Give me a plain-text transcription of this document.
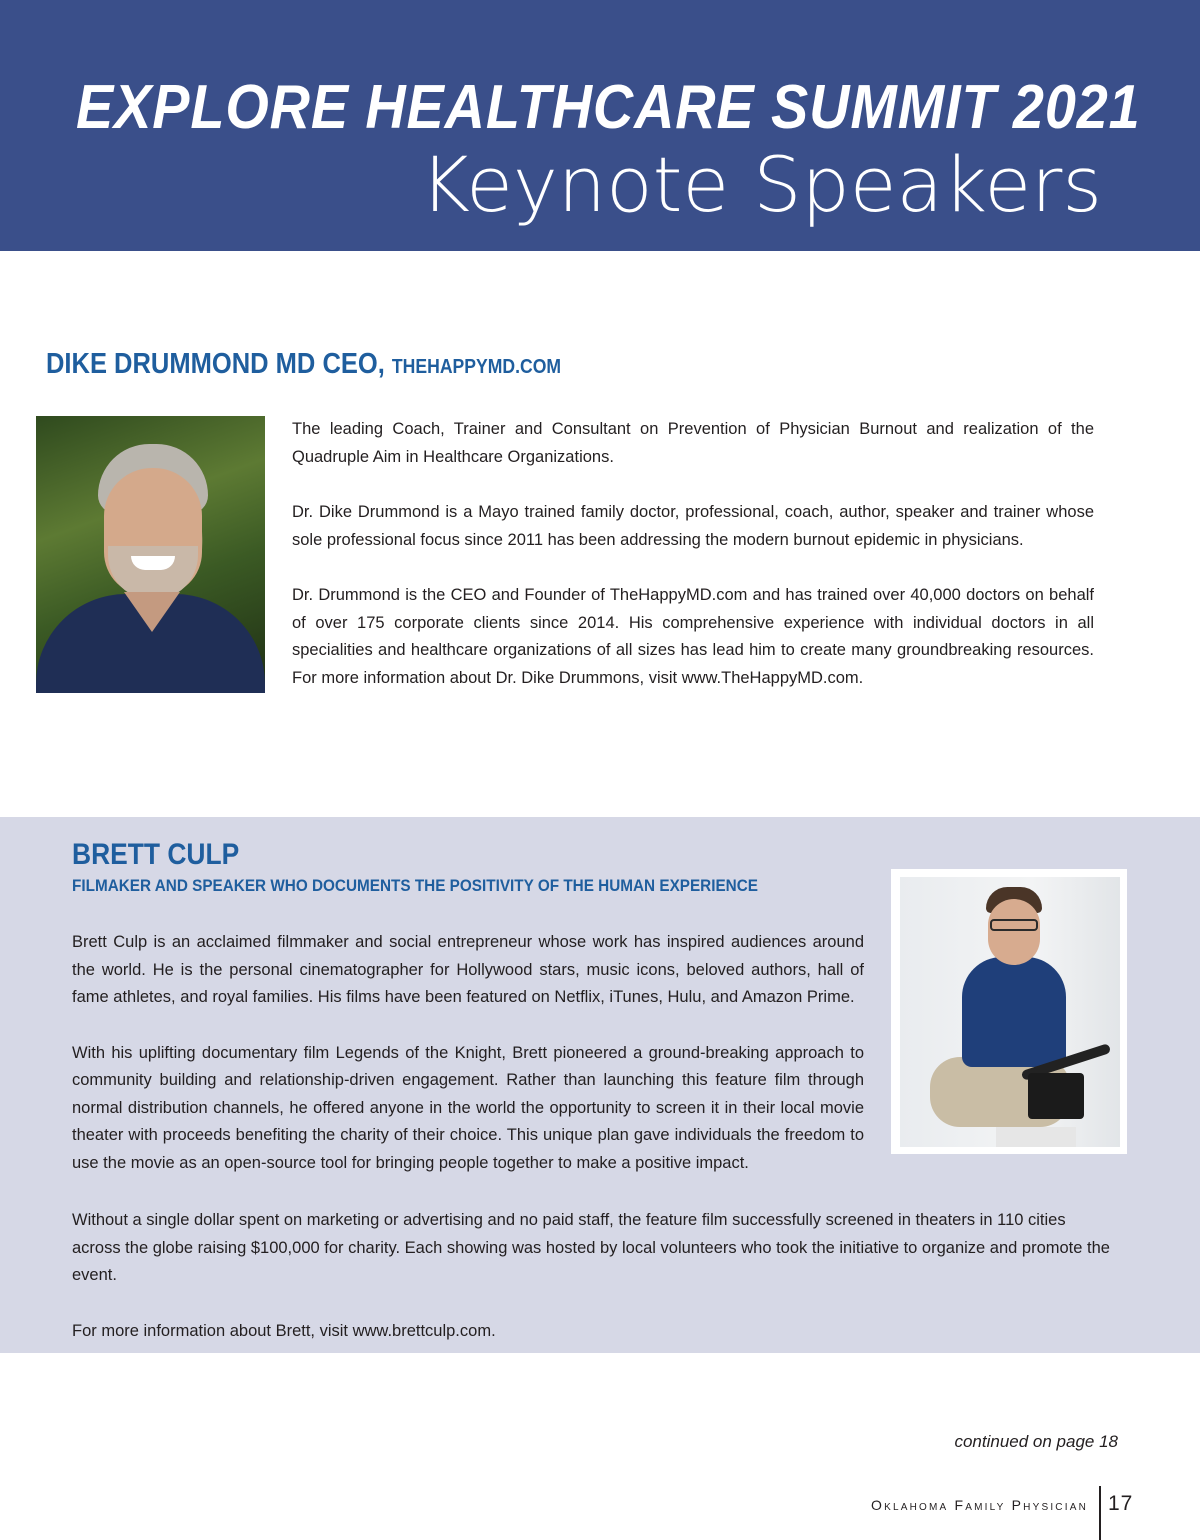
EXPLORE HEALTHCARE SUMMIT 2021
Keynote Speakers
DIKE DRUMMOND MD CEO, THEHAPPYMD.COM

The leading Coach, Trainer and Consultant on Prevention of Physician Burnout and realization of the Quadruple Aim in Healthcare Organizations.

Dr. Dike Drummond is a Mayo trained family doctor, professional, coach, author, speaker and trainer whose sole professional focus since 2011 has been addressing the modern burnout epidemic in physicians.

Dr. Drummond is the CEO and Founder of TheHappyMD.com and has trained over 40,000 doctors on behalf of over 175 corporate clients since 2014. His comprehensive experience with individual doctors in all specialities and healthcare organizations of all sizes has lead him to create many groundbreaking resources. For more information about Dr. Dike Drummons, visit www.TheHappyMD.com.

BRETT CULP
FILMAKER AND SPEAKER WHO DOCUMENTS THE POSITIVITY OF THE HUMAN EXPERIENCE

Brett Culp is an acclaimed filmmaker and social entrepreneur whose work has inspired audiences around the world. He is the personal cinematographer for Hollywood stars, music icons, beloved authors, hall of fame athletes, and royal families. His films have been featured on Netflix, iTunes, Hulu, and Amazon Prime.

With his uplifting documentary film Legends of the Knight, Brett pioneered a ground-breaking approach to community building and relationship-driven engagement. Rather than launching this feature film through normal distribution channels, he offered anyone in the world the opportunity to screen it in their local movie theater with proceeds benefiting the charity of their choice. This unique plan gave individuals the freedom to use the movie as an open-source tool for bringing people together to make a positive impact.

Without a single dollar spent on marketing or advertising and no paid staff, the feature film successfully screened in theaters in 110 cities across the globe raising $100,000 for charity. Each showing was hosted by local volunteers who took the initiative to organize and promote the event.

For more information about Brett, visit www.brettculp.com.

continued on page 18
Oklahoma Family Physician 17
